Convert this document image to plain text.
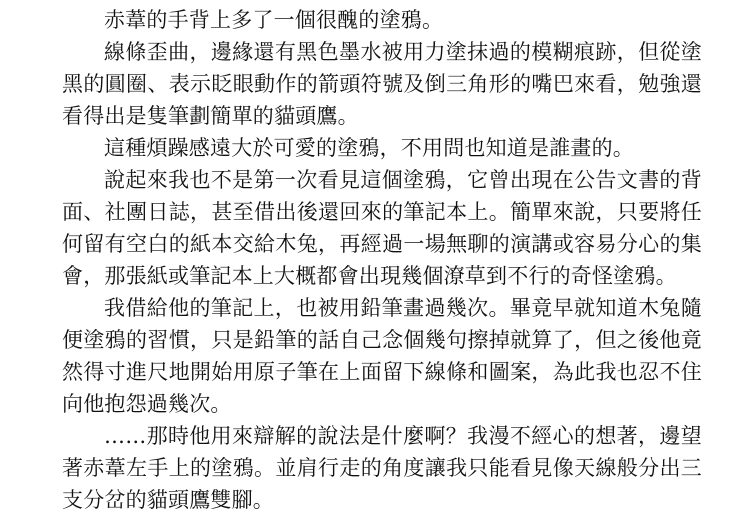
赤葦的手背上多了一個很醜的塗鴉。

線條歪曲，邊緣還有黑色墨水被用力塗抹過的模糊痕跡，但從塗黑的圓圈、表示眨眼動作的箭頭符號及倒三角形的嘴巴來看，勉強還看得出是隻筆劃簡單的貓頭鷹。

這種煩躁感遠大於可愛的塗鴉，不用問也知道是誰畫的。

說起來我也不是第一次看見這個塗鴉，它曾出現在公告文書的背面、社團日誌，甚至借出後還回來的筆記本上。簡單來說，只要將任何留有空白的紙本交給木兔，再經過一場無聊的演講或容易分心的集會，那張紙或筆記本上大概都會出現幾個潦草到不行的奇怪塗鴉。

我借給他的筆記上，也被用鉛筆畫過幾次。畢竟早就知道木兔隨便塗鴉的習慣，只是鉛筆的話自己念個幾句擦掉就算了，但之後他竟然得寸進尺地開始用原子筆在上面留下線條和圖案，為此我也忍不住向他抱怨過幾次。

……那時他用來辯解的說法是什麼啊？我漫不經心的想著，邊望著赤葦左手上的塗鴉。並肩行走的角度讓我只能看見像天線般分出三支分岔的貓頭鷹雙腳。
